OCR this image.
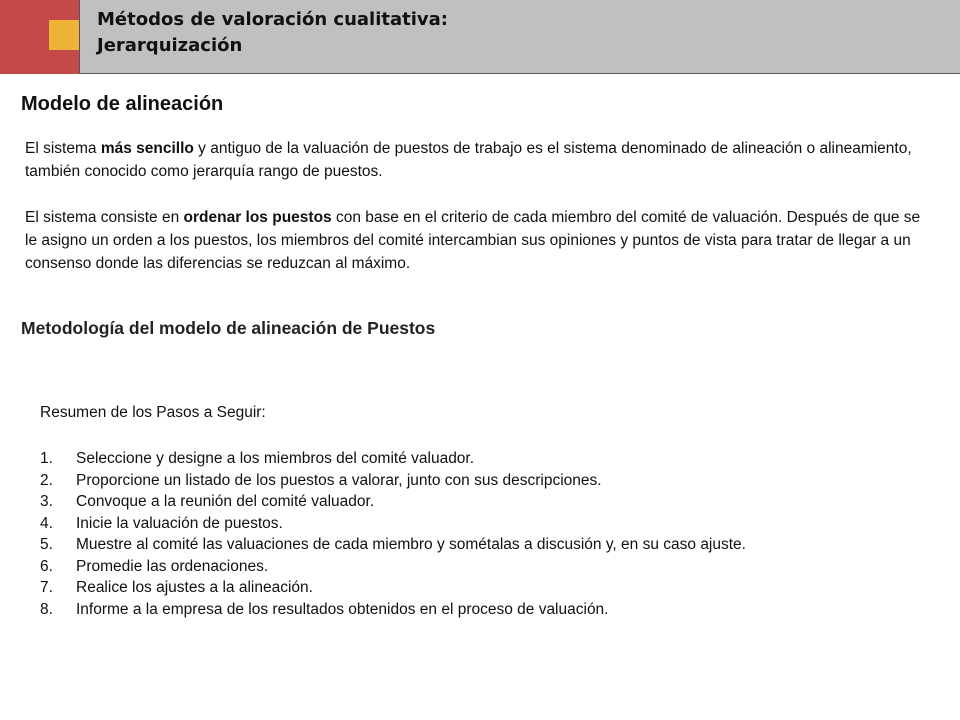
Métodos de valoración cualitativa:
Jerarquización
Modelo de alineación

El sistema más sencillo y antiguo de la valuación de puestos de trabajo es el sistema denominado de alineación o alineamiento, también conocido como jerarquía rango de puestos.

El sistema consiste en ordenar los puestos con base en el criterio de cada miembro del comité de valuación. Después de que se le asigno un orden a los puestos, los miembros del comité intercambian sus opiniones y puntos de vista para tratar de llegar a un consenso donde las diferencias se reduzcan al máximo.

Metodología del modelo de alineación de Puestos

Resumen de los Pasos a Seguir:

1.	Seleccione y designe a los miembros del comité valuador.
2.	Proporcione un listado de los puestos a valorar, junto con sus descripciones.
3.	Convoque a la reunión del comité valuador.
4.	Inicie la valuación de puestos.
5.	Muestre al comité las valuaciones de cada miembro y sométalas a discusión y, en su caso ajuste.
6.	Promedie las ordenaciones.
7.	Realice los ajustes a la alineación.
8.	Informe a la empresa de los resultados obtenidos en el proceso de valuación.
